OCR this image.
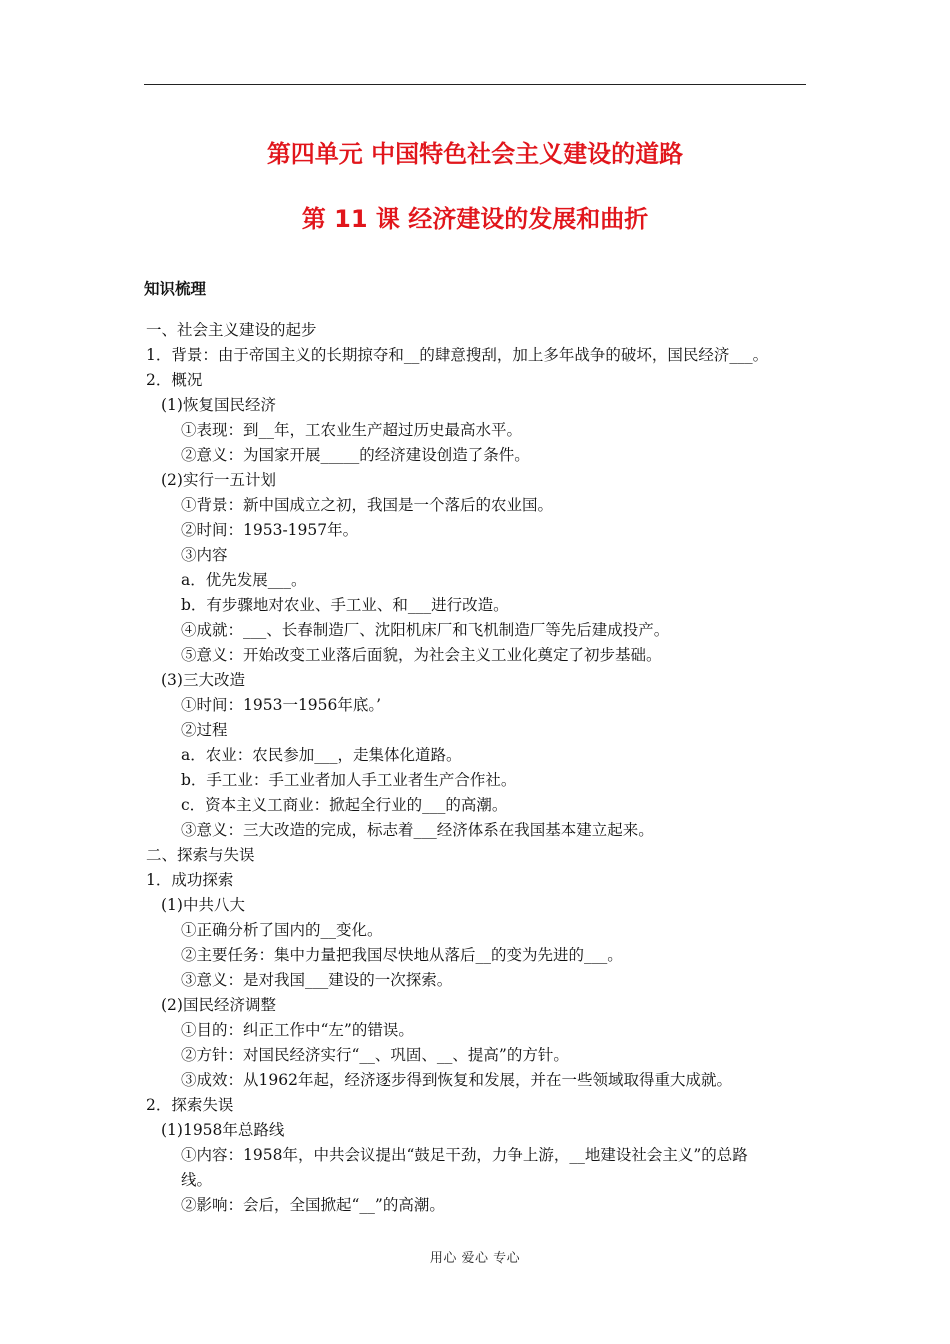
第四单元 中国特色社会主义建设的道路
第 11 课 经济建设的发展和曲折
知识梳理
一、社会主义建设的起步
1．背景：由于帝国主义的长期掠夺和__的肆意搜刮，加上多年战争的破坏，国民经济___。
2．概况
(1)恢复国民经济
①表现：到__年，工农业生产超过历史最高水平。
②意义：为国家开展_____的经济建设创造了条件。
(2)实行一五计划
①背景：新中国成立之初，我国是一个落后的农业国。
②时间：1953-1957年。
③内容
a．优先发展___。
b．有步骤地对农业、手工业、和___进行改造。
④成就：___、长春制造厂、沈阳机床厂和飞机制造厂等先后建成投产。
⑤意义：开始改变工业落后面貌，为社会主义工业化奠定了初步基础。
(3)三大改造
①时间：1953一1956年底。’
②过程
a．农业：农民参加___，走集体化道路。
b．手工业：手工业者加人手工业者生产合作社。
c．资本主义工商业：掀起全行业的___的高潮。
③意义：三大改造的完成，标志着___经济体系在我国基本建立起来。
二、探索与失误
1．成功探索
(1)中共八大
①正确分析了国内的__变化。
②主要任务：集中力量把我国尽快地从落后__的变为先进的___。
③意义：是对我国___建设的一次探索。
(2)国民经济调整
①目的：纠正工作中“左”的错误。
②方针：对国民经济实行“__、巩固、__、提高”的方针。
③成效：从1962年起，经济逐步得到恢复和发展，并在一些领域取得重大成就。
2．探索失误
(1)1958年总路线
①内容：1958年，中共会议提出“鼓足干劲，力争上游，__地建设社会主义”的总路
线。
②影响：会后，全国掀起“__”的高潮。
用心 爱心 专心
